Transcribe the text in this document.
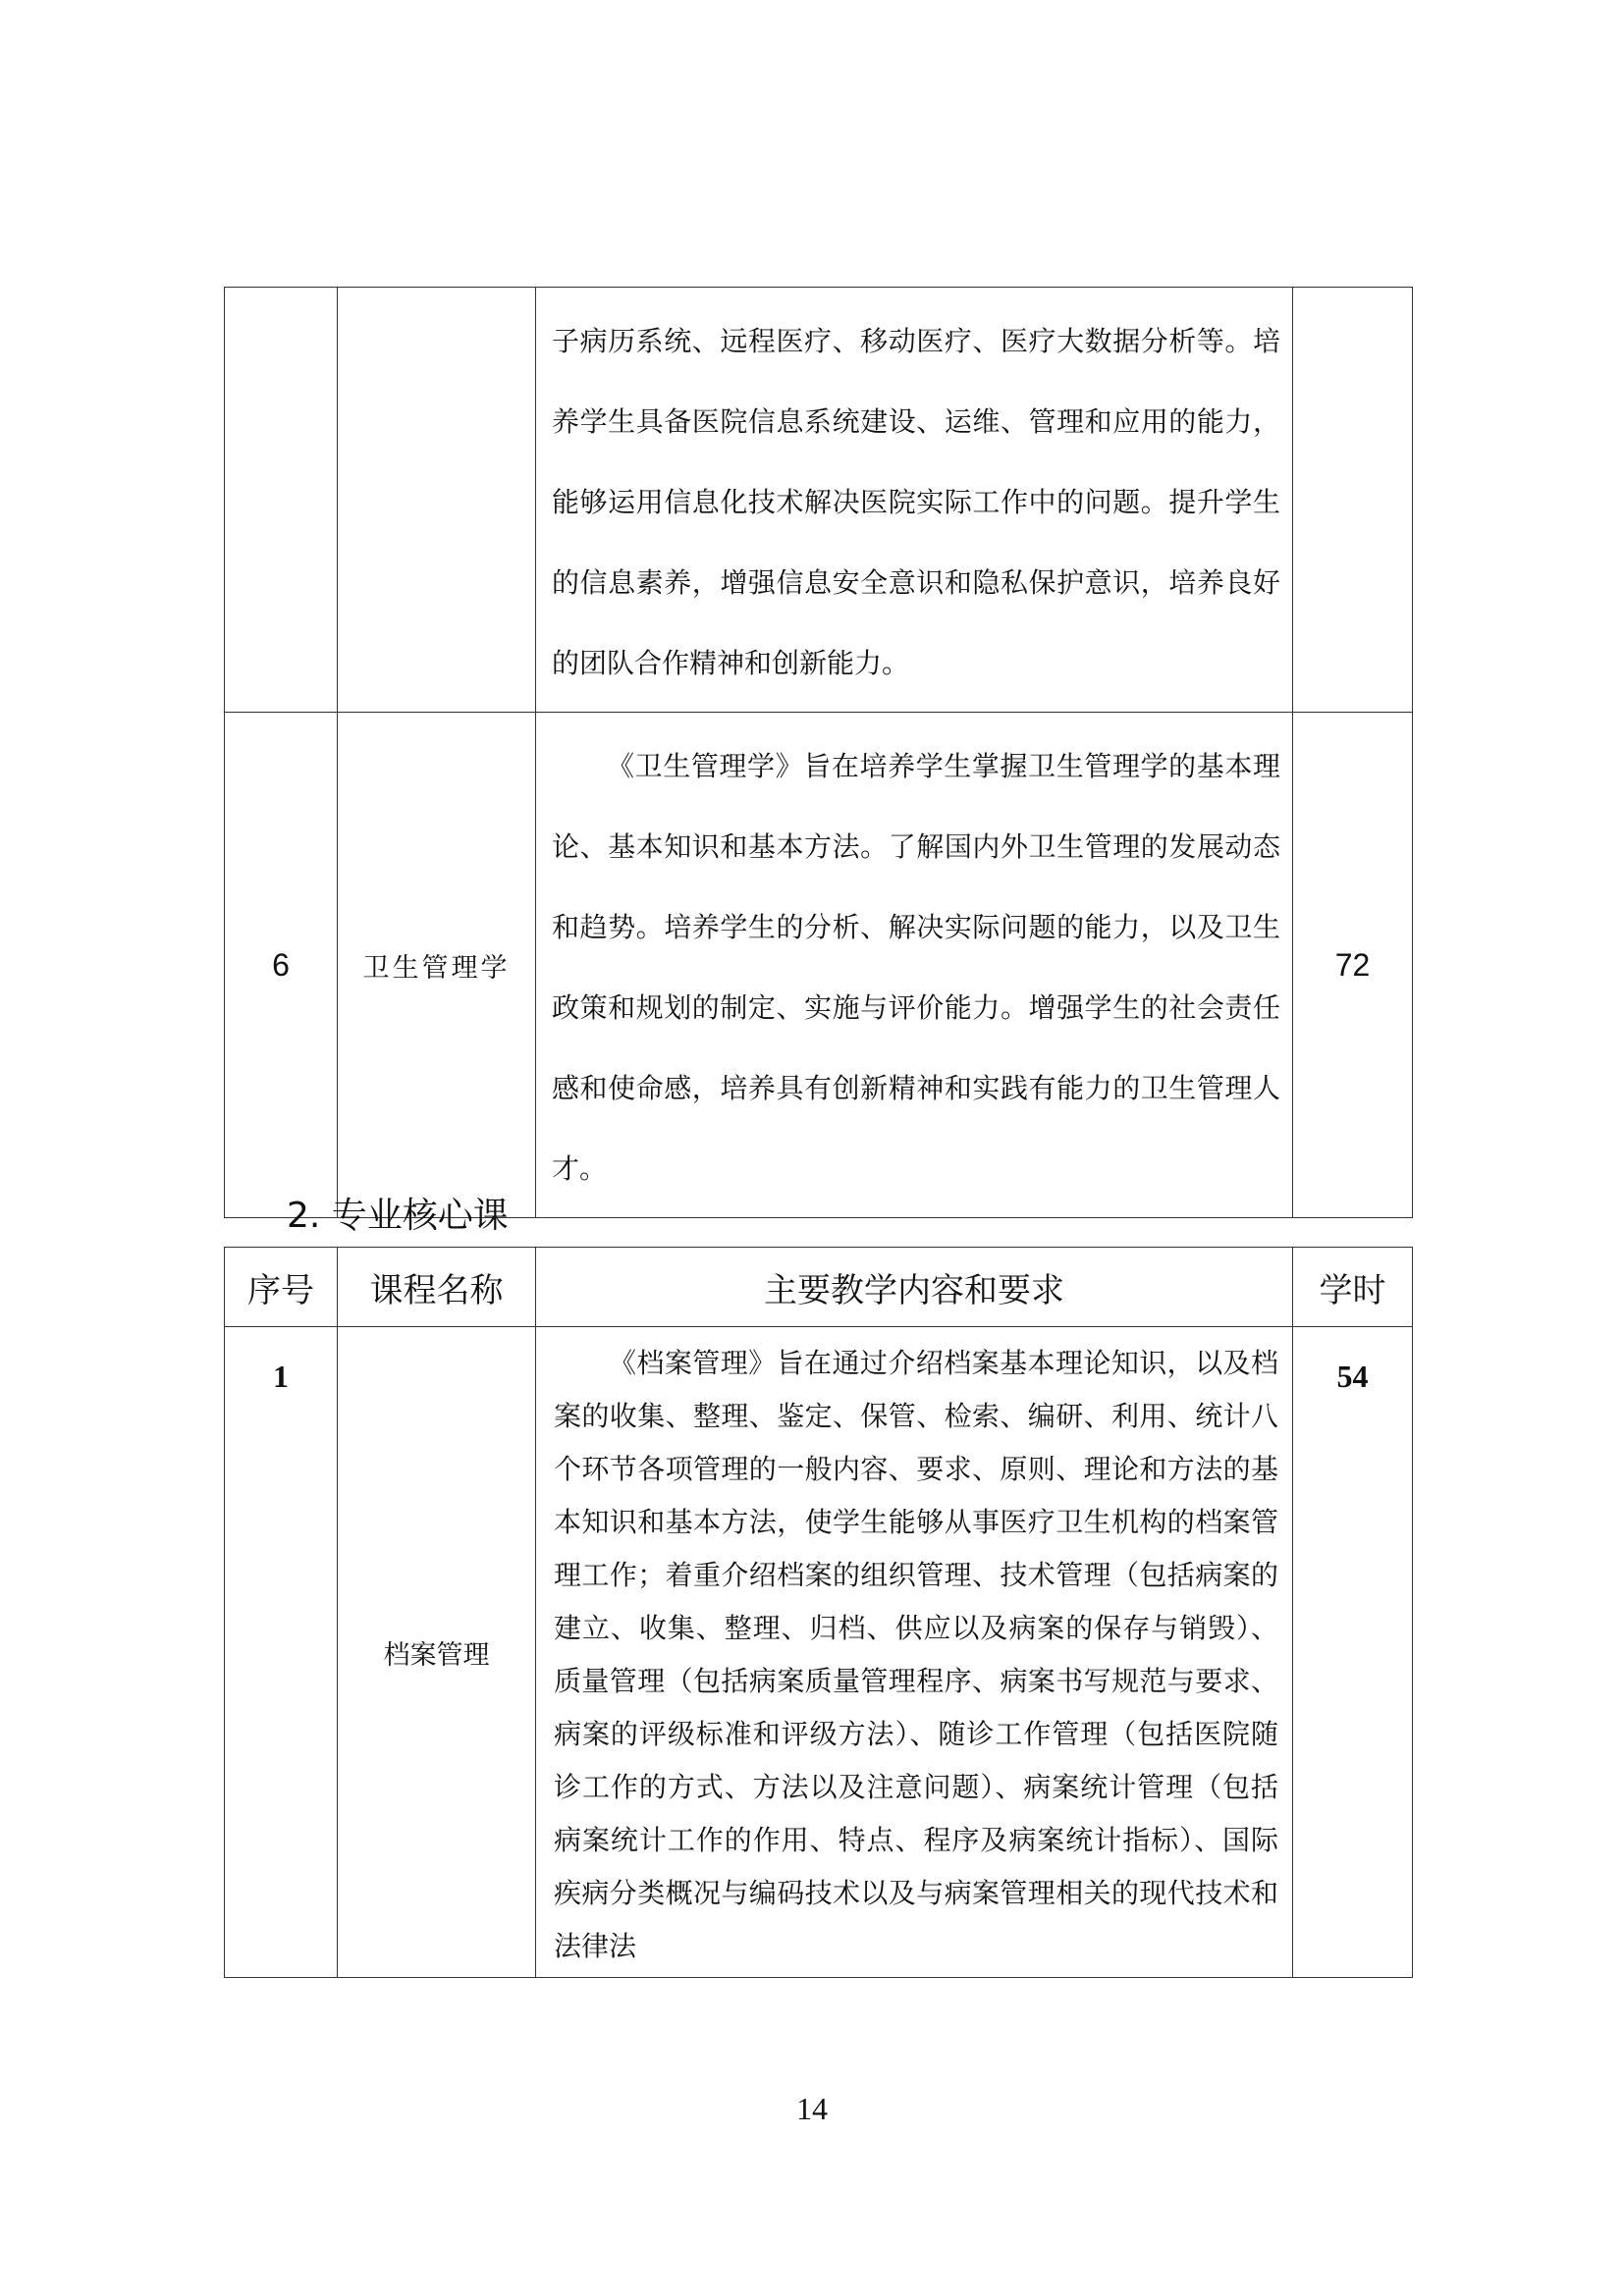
		子病历系统、远程医疗、移动医疗、医疗大数据分析等。培养学生具备医院信息系统建设、运维、管理和应用的能力，能够运用信息化技术解决医院实际工作中的问题。提升学生的信息素养，增强信息安全意识和隐私保护意识，培养良好的团队合作精神和创新能力。	
6	卫生管理学	《卫生管理学》旨在培养学生掌握卫生管理学的基本理论、基本知识和基本方法。了解国内外卫生管理的发展动态和趋势。培养学生的分析、解决实际问题的能力，以及卫生政策和规划的制定、实施与评价能力。增强学生的社会责任感和使命感，培养具有创新精神和实践有能力的卫生管理人才。	72
2. 专业核心课
序号	课程名称	主要教学内容和要求	学时
1	档案管理	《档案管理》旨在通过介绍档案基本理论知识，以及档案的收集、整理、鉴定、保管、检索、编研、利用、统计八个环节各项管理的一般内容、要求、原则、理论和方法的基本知识和基本方法，使学生能够从事医疗卫生机构的档案管理工作；着重介绍档案的组织管理、技术管理（包括病案的建立、收集、整理、归档、供应以及病案的保存与销毁）、质量管理（包括病案质量管理程序、病案书写规范与要求、病案的评级标准和评级方法）、随诊工作管理（包括医院随诊工作的方式、方法以及注意问题）、病案统计管理（包括病案统计工作的作用、特点、程序及病案统计指标）、国际疾病分类概况与编码技术以及与病案管理相关的现代技术和法律法	54
14
